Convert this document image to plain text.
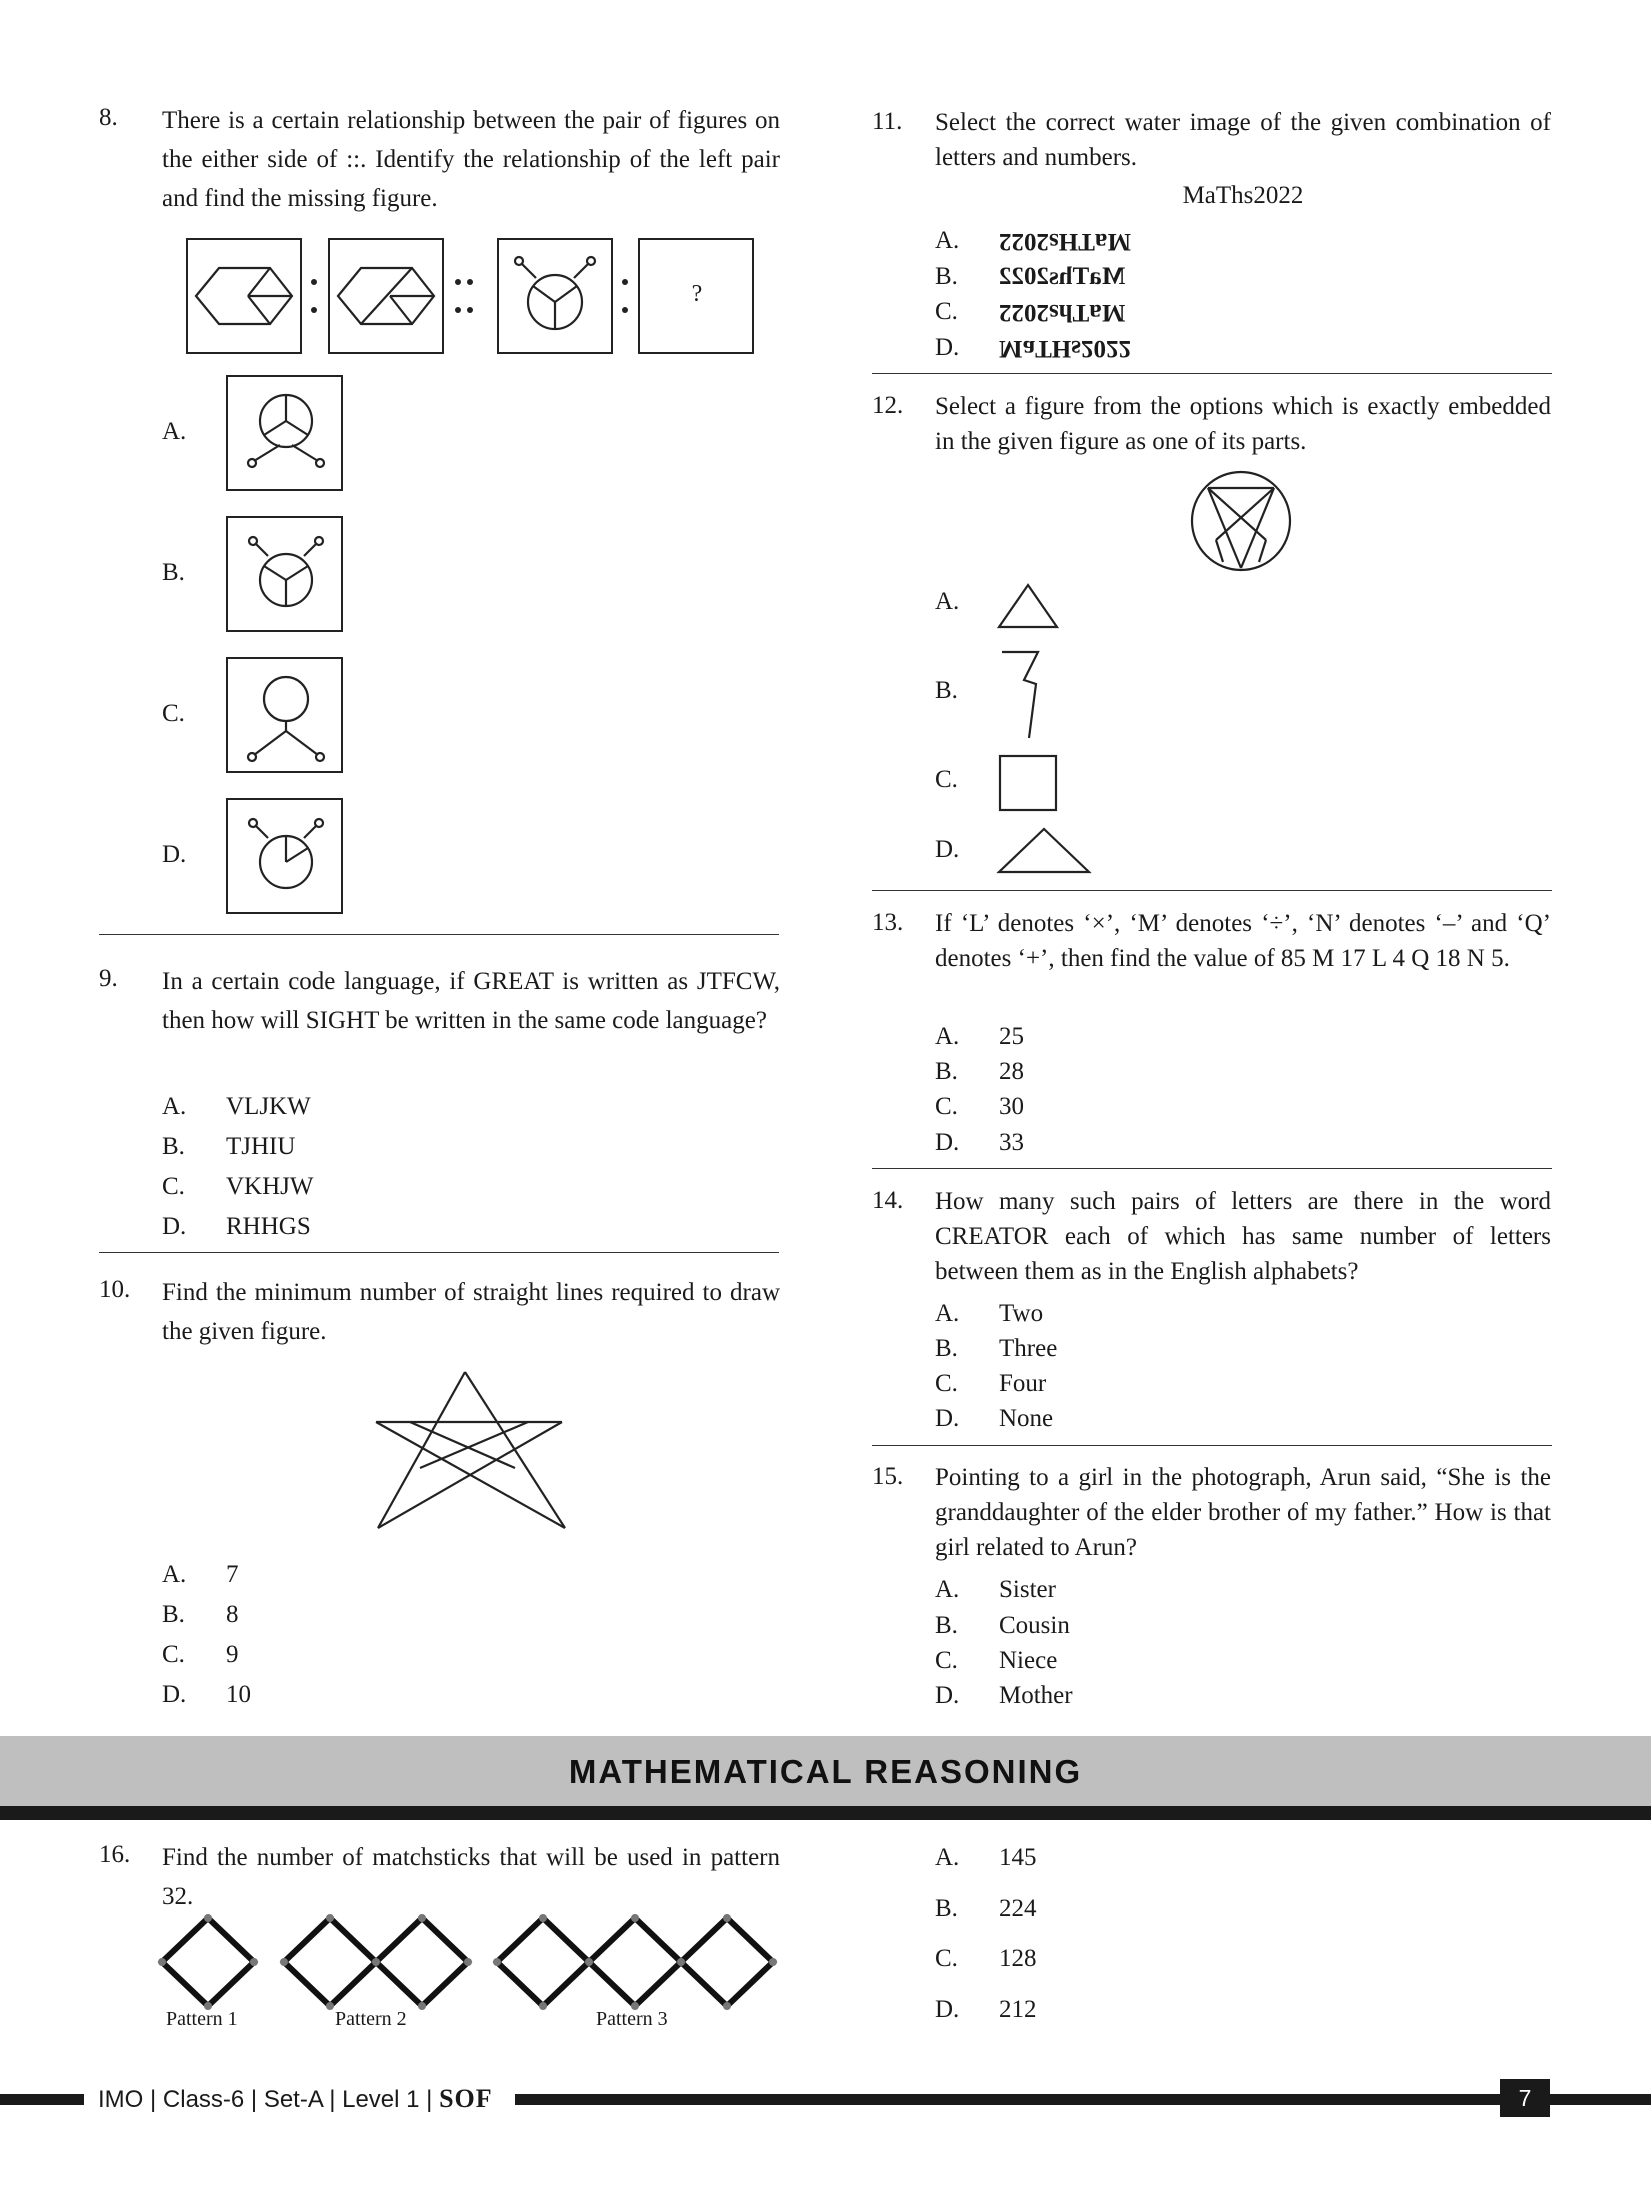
8. There is a certain relationship between the pair of figures on the either side of ::. Identify the relationship of the left pair and find the missing figure.
?
A.
B.
C.
D.
9. In a certain code language, if GREAT is written as JTFCW, then how will SIGHT be written in the same code language?
A. VLJKW
B. TJHIU
C. VKHJW
D. RHHGS
10. Find the minimum number of straight lines required to draw the given figure.
A. 7
B. 8
C. 9
D. 10
11. Select the correct water image of the given combination of letters and numbers.
MaThs2022
A. MaTHs2022
B. MaThs2022
C. MaThs2022
D. MaTHs2022
12. Select a figure from the options which is exactly embedded in the given figure as one of its parts.
A.
B.
C.
D.
13. If ‘L’ denotes ‘×’, ‘M’ denotes ‘÷’, ‘N’ denotes ‘–’ and ‘Q’ denotes ‘+’, then find the value of 85 M 17 L 4 Q 18 N 5.
A. 25
B. 28
C. 30
D. 33
14. How many such pairs of letters are there in the word CREATOR each of which has same number of letters between them as in the English alphabets?
A. Two
B. Three
C. Four
D. None
15. Pointing to a girl in the photograph, Arun said, “She is the granddaughter of the elder brother of my father.” How is that girl related to Arun?
A. Sister
B. Cousin
C. Niece
D. Mother
MATHEMATICAL REASONING
16. Find the number of matchsticks that will be used in pattern 32.
Pattern 1	Pattern 2	Pattern 3
A. 145
B. 224
C. 128
D. 212
IMO | Class-6 | Set-A | Level 1 | SOF	7
